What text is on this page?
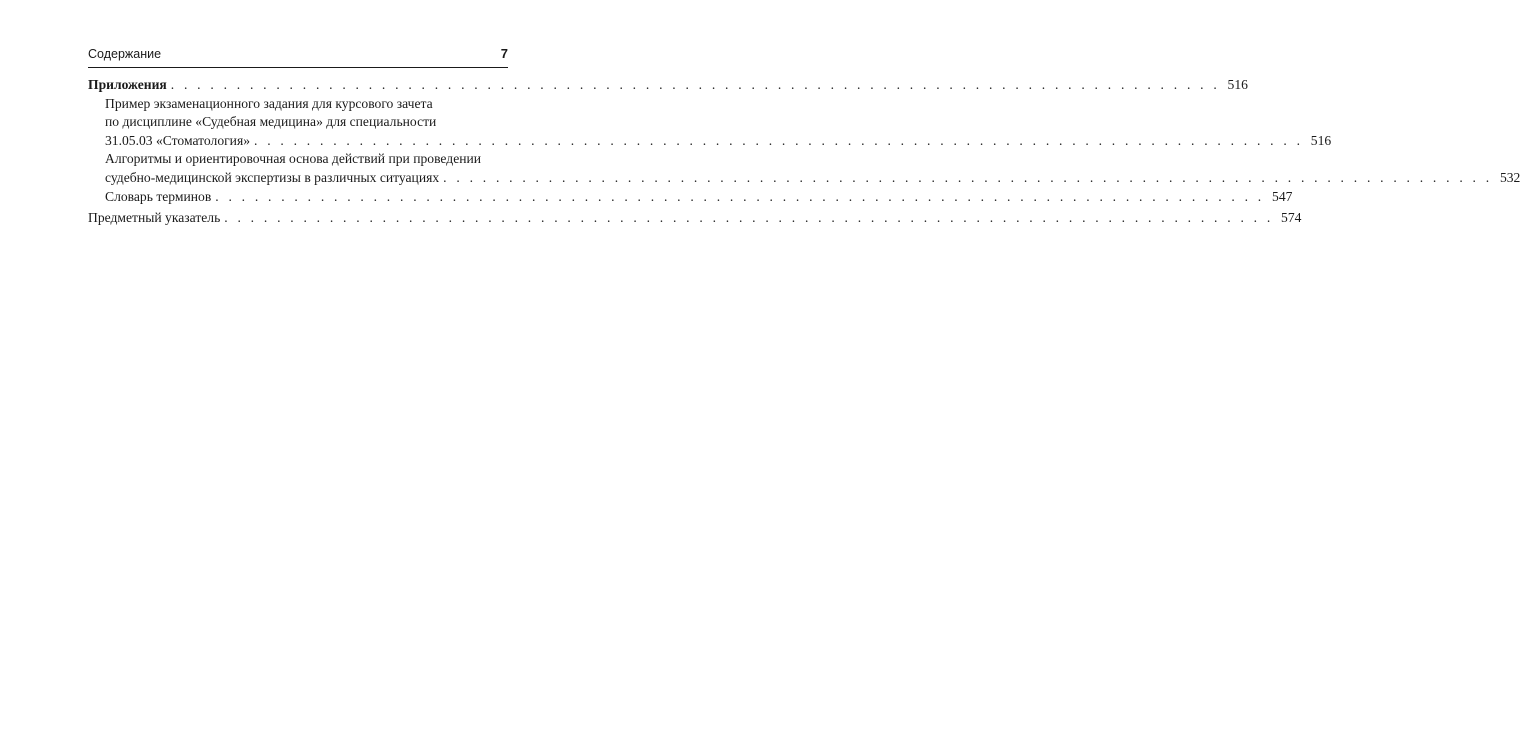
Содержание	7
Приложения . . . . . . . . . . . . . . . . . . . . . . . . . . . . . . . . . . . . . . . . . . . . . . . . . . . . . . . . . . . . . . . . . . . . . . . . . . . . . . . . 516
Пример экзаменационного задания для курсового зачета
по дисциплине «Судебная медицина» для специальности
31.05.03 «Стоматология» . . . . . . . . . . . . . . . . . . . . . . . . . . . . . . . . . . . . . . . . . . . . . . . . . . . . . . . . . . . . . . . . . . . . . . . . . . . . . . . . 516
Алгоритмы и ориентировочная основа действий при проведении
судебно-медицинской экспертизы в различных ситуациях . . . . . . . . . . . . . . . . . . . . . . . . . . . . . . . . . . . . . . . . . . . . . . . . . . . . . . . . . . . . . . . . . . . . . . . . . . . . . . . . 532
Словарь терминов . . . . . . . . . . . . . . . . . . . . . . . . . . . . . . . . . . . . . . . . . . . . . . . . . . . . . . . . . . . . . . . . . . . . . . . . . . . . . . . . 547
Предметный указатель . . . . . . . . . . . . . . . . . . . . . . . . . . . . . . . . . . . . . . . . . . . . . . . . . . . . . . . . . . . . . . . . . . . . . . . . . . . . . . . . 574
